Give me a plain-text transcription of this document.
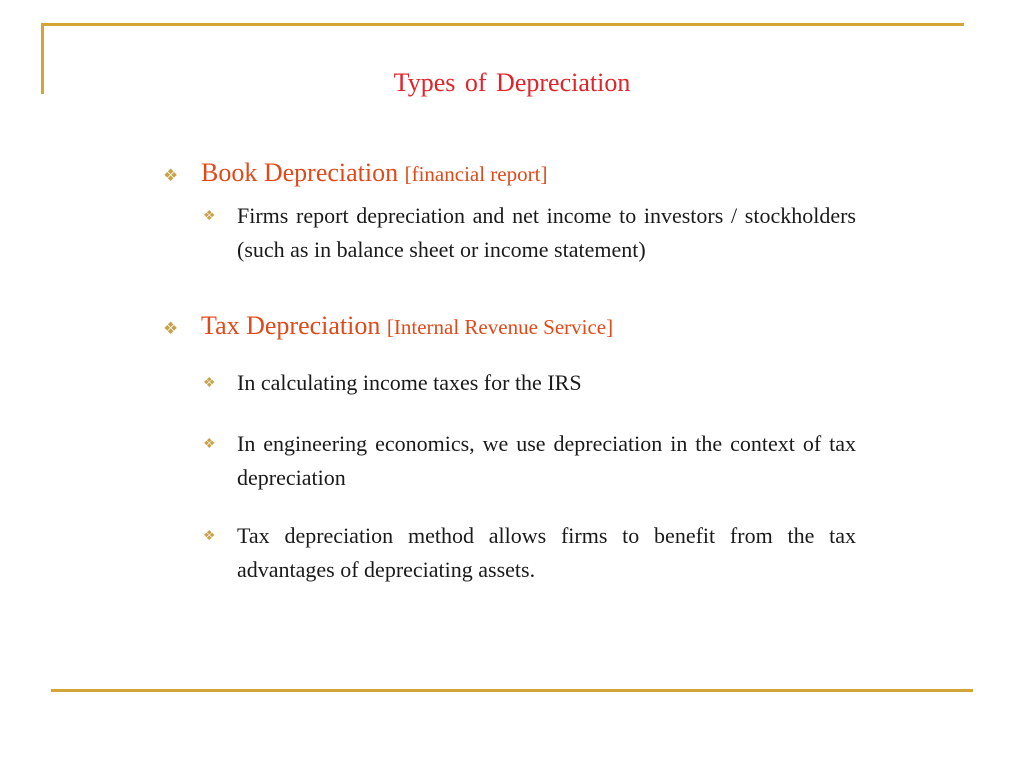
Types of Depreciation
❖ Book Depreciation [financial report]
❖ Firms report depreciation and net income to investors / stockholders (such as in balance sheet or income statement)
❖ Tax Depreciation [Internal Revenue Service]
❖ In calculating income taxes for the IRS
❖ In engineering economics, we use depreciation in the context of tax depreciation
❖ Tax depreciation method allows firms to benefit from the tax advantages of depreciating assets.
